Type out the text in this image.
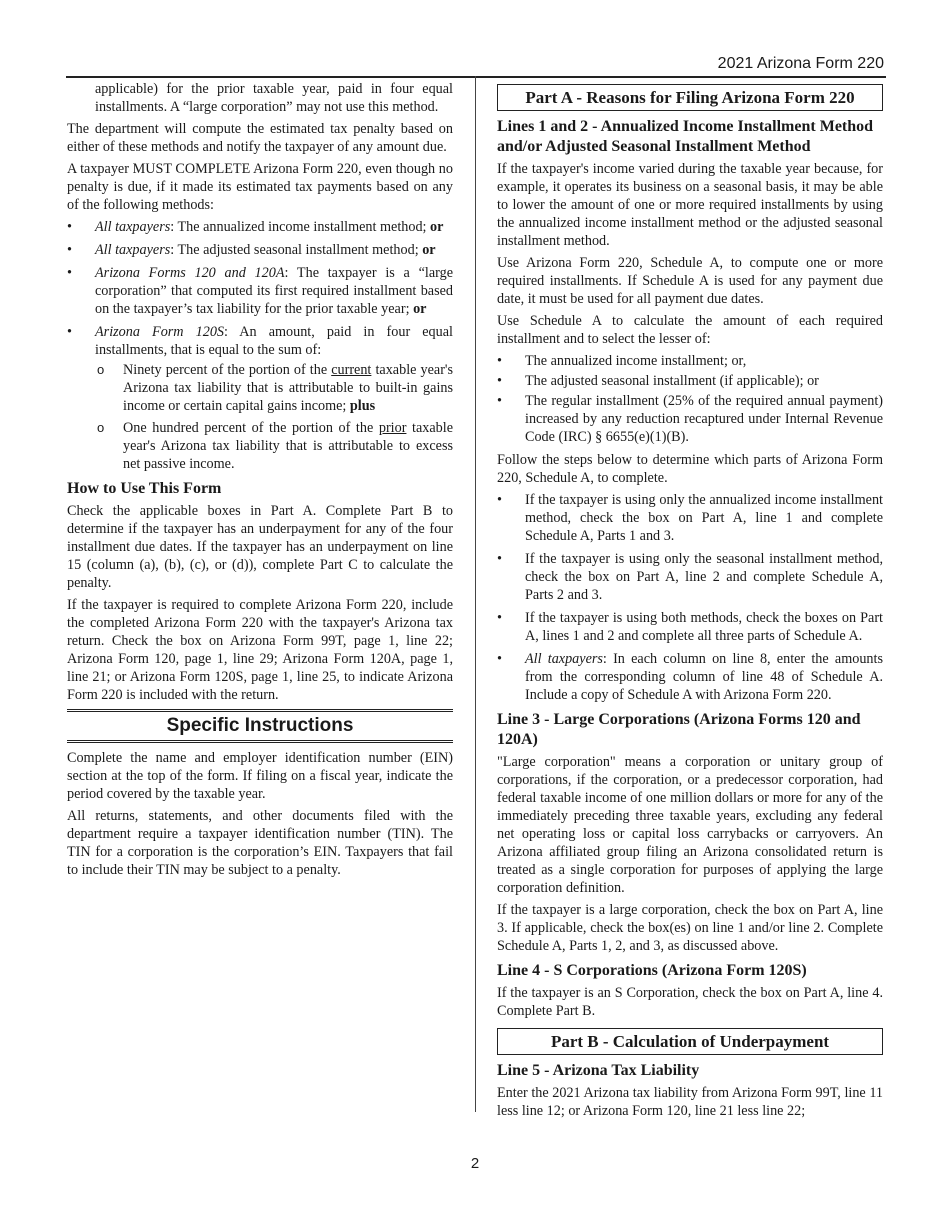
2021 Arizona Form 220

applicable) for the prior taxable year, paid in four equal installments. A “large corporation” may not use this method.

The department will compute the estimated tax penalty based on either of these methods and notify the taxpayer of any amount due.

A taxpayer MUST COMPLETE Arizona Form 220, even though no penalty is due, if it made its estimated tax payments based on any of the following methods:

• All taxpayers: The annualized income installment method; or
• All taxpayers: The adjusted seasonal installment method; or
• Arizona Forms 120 and 120A: The taxpayer is a “large corporation” that computed its first required installment based on the taxpayer’s tax liability for the prior taxable year; or
• Arizona Form 120S: An amount, paid in four equal installments, that is equal to the sum of:
o Ninety percent of the portion of the current taxable year's Arizona tax liability that is attributable to built-in gains income or certain capital gains income; plus
o One hundred percent of the portion of the prior taxable year's Arizona tax liability that is attributable to excess net passive income.
How to Use This Form

Check the applicable boxes in Part A. Complete Part B to determine if the taxpayer has an underpayment for any of the four installment due dates. If the taxpayer has an underpayment on line 15 (column (a), (b), (c), or (d)), complete Part C to calculate the penalty.

If the taxpayer is required to complete Arizona Form 220, include the completed Arizona Form 220 with the taxpayer's Arizona tax return. Check the box on Arizona Form 99T, page 1, line 22; Arizona Form 120, page 1, line 29; Arizona Form 120A, page 1, line 21; or Arizona Form 120S, page 1, line 25, to indicate Arizona Form 220 is included with the return.

Specific Instructions

Complete the name and employer identification number (EIN) section at the top of the form. If filing on a fiscal year, indicate the period covered by the taxable year.

All returns, statements, and other documents filed with the department require a taxpayer identification number (TIN). The TIN for a corporation is the corporation’s EIN. Taxpayers that fail to include their TIN may be subject to a penalty.

Part A - Reasons for Filing Arizona Form 220
Lines 1 and 2 - Annualized Income Installment Method and/or Adjusted Seasonal Installment Method

If the taxpayer's income varied during the taxable year because, for example, it operates its business on a seasonal basis, it may be able to lower the amount of one or more required installments by using the annualized income installment method or the adjusted seasonal installment method.

Use Arizona Form 220, Schedule A, to compute one or more required installments. If Schedule A is used for any payment due date, it must be used for all payment due dates.

Use Schedule A to calculate the amount of each required installment and to select the lesser of:

• The annualized income installment; or,
• The adjusted seasonal installment (if applicable); or
• The regular installment (25% of the required annual payment) increased by any reduction recaptured under Internal Revenue Code (IRC) § 6655(e)(1)(B).

Follow the steps below to determine which parts of Arizona Form 220, Schedule A, to complete.

• If the taxpayer is using only the annualized income installment method, check the box on Part A, line 1 and complete Schedule A, Parts 1 and 3.
• If the taxpayer is using only the seasonal installment method, check the box on Part A, line 2 and complete Schedule A, Parts 2 and 3.
• If the taxpayer is using both methods, check the boxes on Part A, lines 1 and 2 and complete all three parts of Schedule A.
• All taxpayers: In each column on line 8, enter the amounts from the corresponding column of line 48 of Schedule A. Include a copy of Schedule A with Arizona Form 220.
Line 3 - Large Corporations (Arizona Forms 120 and 120A)

"Large corporation" means a corporation or unitary group of corporations, if the corporation, or a predecessor corporation, had federal taxable income of one million dollars or more for any of the immediately preceding three taxable years, excluding any federal net operating loss or capital loss carrybacks or carryovers. An Arizona affiliated group filing an Arizona consolidated return is treated as a single corporation for purposes of applying the large corporation definition.

If the taxpayer is a large corporation, check the box on Part A, line 3. If applicable, check the box(es) on line 1 and/or line 2. Complete Schedule A, Parts 1, 2, and 3, as discussed above.

Line 4 - S Corporations (Arizona Form 120S)

If the taxpayer is an S Corporation, check the box on Part A, line 4. Complete Part B.

Part B - Calculation of Underpayment
Line 5 - Arizona Tax Liability

Enter the 2021 Arizona tax liability from Arizona Form 99T, line 11 less line 12; or Arizona Form 120, line 21 less line 22;

2
